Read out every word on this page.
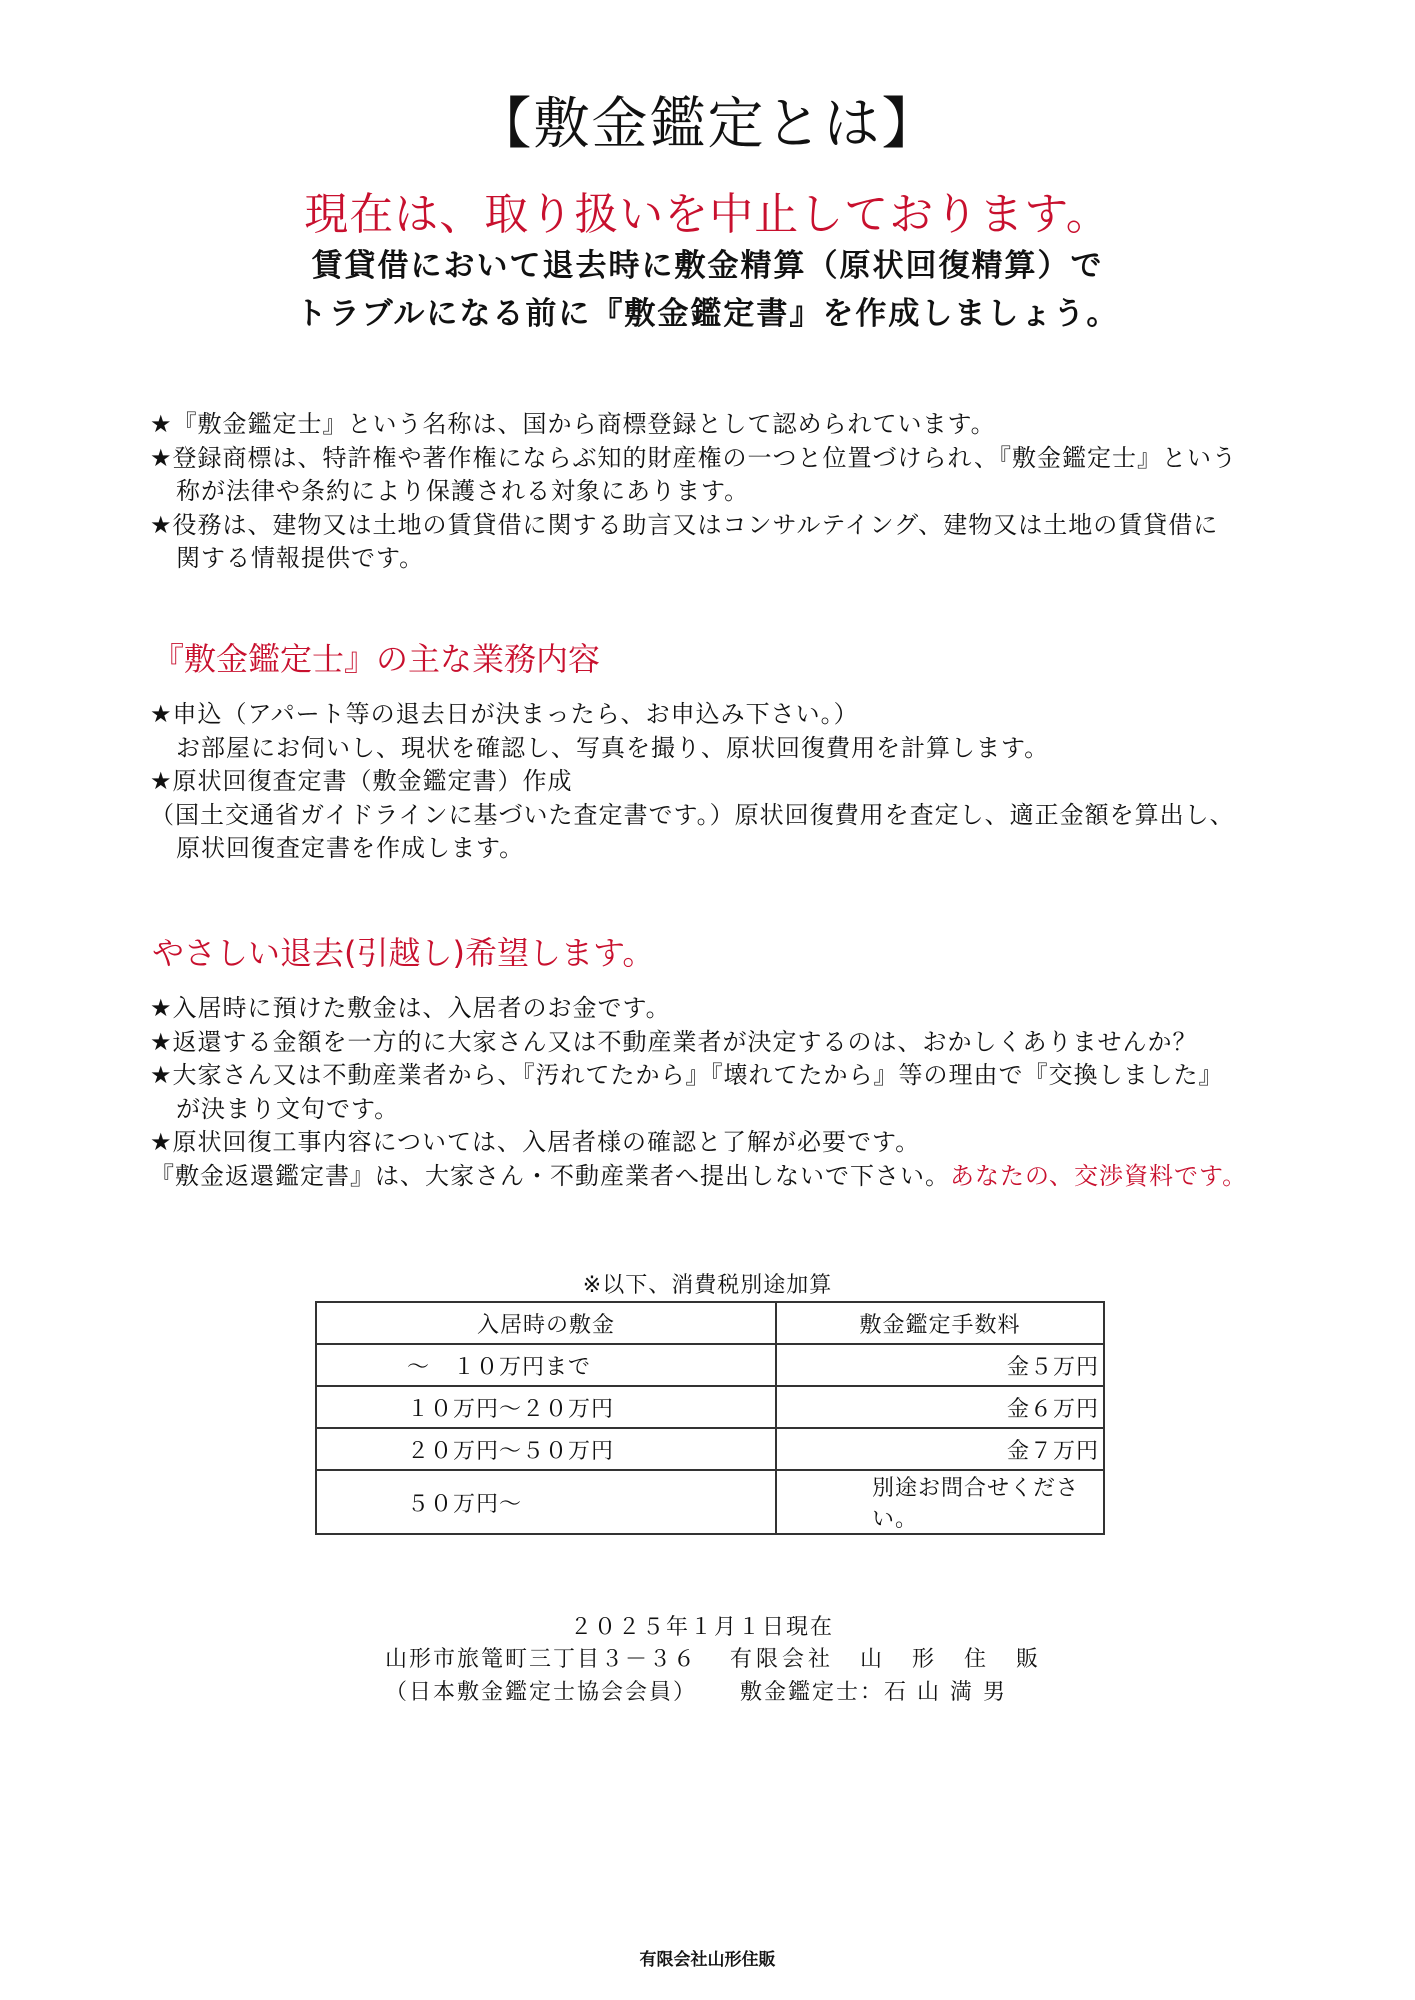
【敷金鑑定とは】
現在は、取り扱いを中止しております。
賃貸借において退去時に敷金精算（原状回復精算）で
トラブルになる前に『敷金鑑定書』を作成しましょう。
★『敷金鑑定士』という名称は、国から商標登録として認められています。
★登録商標は、特許権や著作権にならぶ知的財産権の一つと位置づけられ、『敷金鑑定士』という
称が法律や条約により保護される対象にあります。
★役務は、建物又は土地の賃貸借に関する助言又はコンサルテイング、建物又は土地の賃貸借に
関する情報提供です。
『敷金鑑定士』の主な業務内容
★申込（アパート等の退去日が決まったら、お申込み下さい。）
お部屋にお伺いし、現状を確認し、写真を撮り、原状回復費用を計算します。
★原状回復査定書（敷金鑑定書）作成
（国土交通省ガイドラインに基づいた査定書です。）原状回復費用を査定し、適正金額を算出し、
原状回復査定書を作成します。
やさしい退去(引越し)希望します。
★入居時に預けた敷金は、入居者のお金です。
★返還する金額を一方的に大家さん又は不動産業者が決定するのは、おかしくありませんか？
★大家さん又は不動産業者から、『汚れてたから』『壊れてたから』等の理由で『交換しました』
が決まり文句です。
★原状回復工事内容については、入居者様の確認と了解が必要です。
『敷金返還鑑定書』は、大家さん・不動産業者へ提出しないで下さい。あなたの、交渉資料です。
※以下、消費税別途加算
入居時の敷金	敷金鑑定手数料
～　１０万円まで	金５万円
１０万円～２０万円	金６万円
２０万円～５０万円	金７万円
５０万円～	別途お問合せください。
２０２５年１月１日現在
山形市旅篭町三丁目３－３６ 有限会社　山　形　住　販
（日本敷金鑑定士協会会員） 敷金鑑定士：石 山 満 男
有限会社山形住販
